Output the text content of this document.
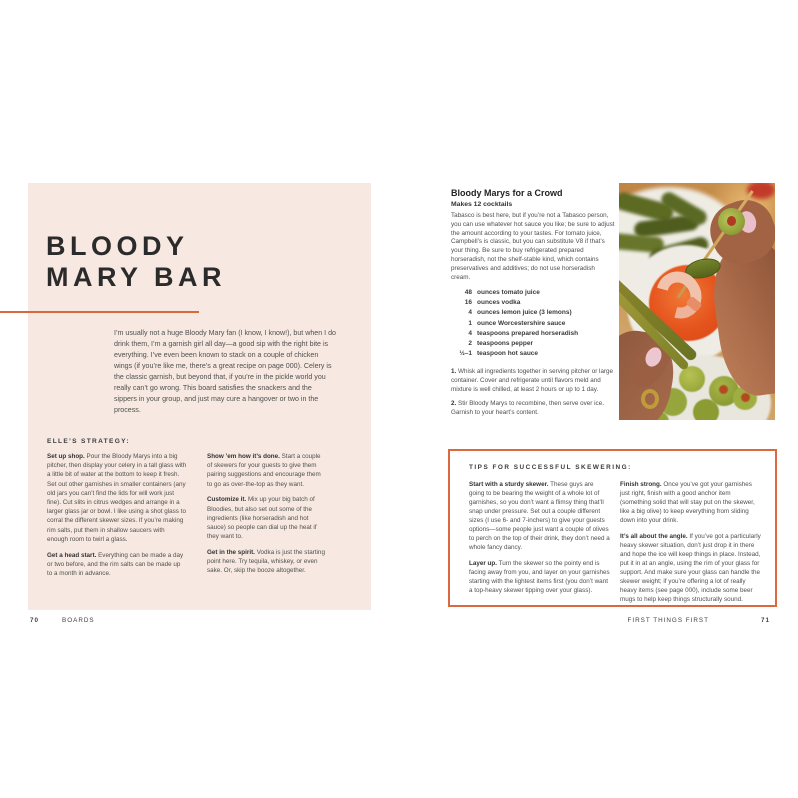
BLOODY
MARY BAR
I’m usually not a huge Bloody Mary fan (I know, I know!), but when I do drink them, I’m a garnish girl all day—a good sip with the right bite is everything. I’ve even been known to stack on a couple of chicken wings (if you’re like me, there’s a great recipe on page 000). Celery is the classic garnish, but beyond that, if you’re in the pickle world you really can’t go wrong. This board satisfies the snackers and the sippers in your group, and just may cure a hangover or two in the process.
ELLE’S STRATEGY:

Set up shop. Pour the Bloody Marys into a big pitcher, then display your celery in a tall glass with a little bit of water at the bottom to keep it fresh. Set out other garnishes in smaller containers (any old jars you can’t find the lids for will work just fine). Cut slits in citrus wedges and arrange in a larger glass jar or bowl. I like using a shot glass to corral the different skewer sizes. If you’re making rim salts, put them in shallow saucers with enough room to twirl a glass.

Get a head start. Everything can be made a day or two before, and the rim salts can be made up to a month in advance.

Show ’em how it’s done. Start a couple of skewers for your guests to give them pairing suggestions and encourage them to go as over-the-top as they want.

Customize it. Mix up your big batch of Bloodies, but also set out some of the ingredients (like horseradish and hot sauce) so people can dial up the heat if they want to.

Get in the spirit. Vodka is just the starting point here. Try tequila, whiskey, or even sake. Or, skip the booze altogether.

70	BOARDS
Bloody Marys for a Crowd
Makes 12 cocktails
Tabasco is best here, but if you’re not a Tabasco person, you can use whatever hot sauce you like; be sure to adjust the amount according to your tastes. For tomato juice, Campbell’s is classic, but you can substitute V8 if that’s your thing. Be sure to buy refrigerated prepared horseradish, not the shelf-stable kind, which contains preservatives and additives; do not use horseradish cream.
48 ounces tomato juice
16 ounces vodka
4 ounces lemon juice (3 lemons)
1 ounce Worcestershire sauce
4 teaspoons prepared horseradish
2 teaspoons pepper
½–1 teaspoon hot sauce

1. Whisk all ingredients together in serving pitcher or large container. Cover and refrigerate until flavors meld and mixture is well chilled, at least 2 hours or up to 1 day.

2. Stir Bloody Marys to recombine, then serve over ice. Garnish to your heart’s content.

TIPS FOR SUCCESSFUL SKEWERING:

Start with a sturdy skewer. These guys are going to be bearing the weight of a whole lot of garnishes, so you don’t want a flimsy thing that’ll snap under pressure. Set out a couple different sizes (I use 6- and 7-inchers) to give your guests options—some people just want a couple of olives to perch on the top of their drink, they don’t need a whole fancy dancy.

Layer up. Turn the skewer so the pointy end is facing away from you, and layer on your garnishes starting with the lightest items first (you don’t want a top-heavy skewer tipping over your glass).

Finish strong. Once you’ve got your garnishes just right, finish with a good anchor item (something solid that will stay put on the skewer, like a big olive) to keep everything from sliding down into your drink.

It’s all about the angle. If you’ve got a particularly heavy skewer situation, don’t just drop it in there and hope the ice will keep things in place. Instead, put it in at an angle, using the rim of your glass for support. And make sure your glass can handle the skewer weight; if you’re offering a lot of really heavy items (see page 000), include some beer mugs to help keep things structurally sound.

FIRST THINGS FIRST	71
